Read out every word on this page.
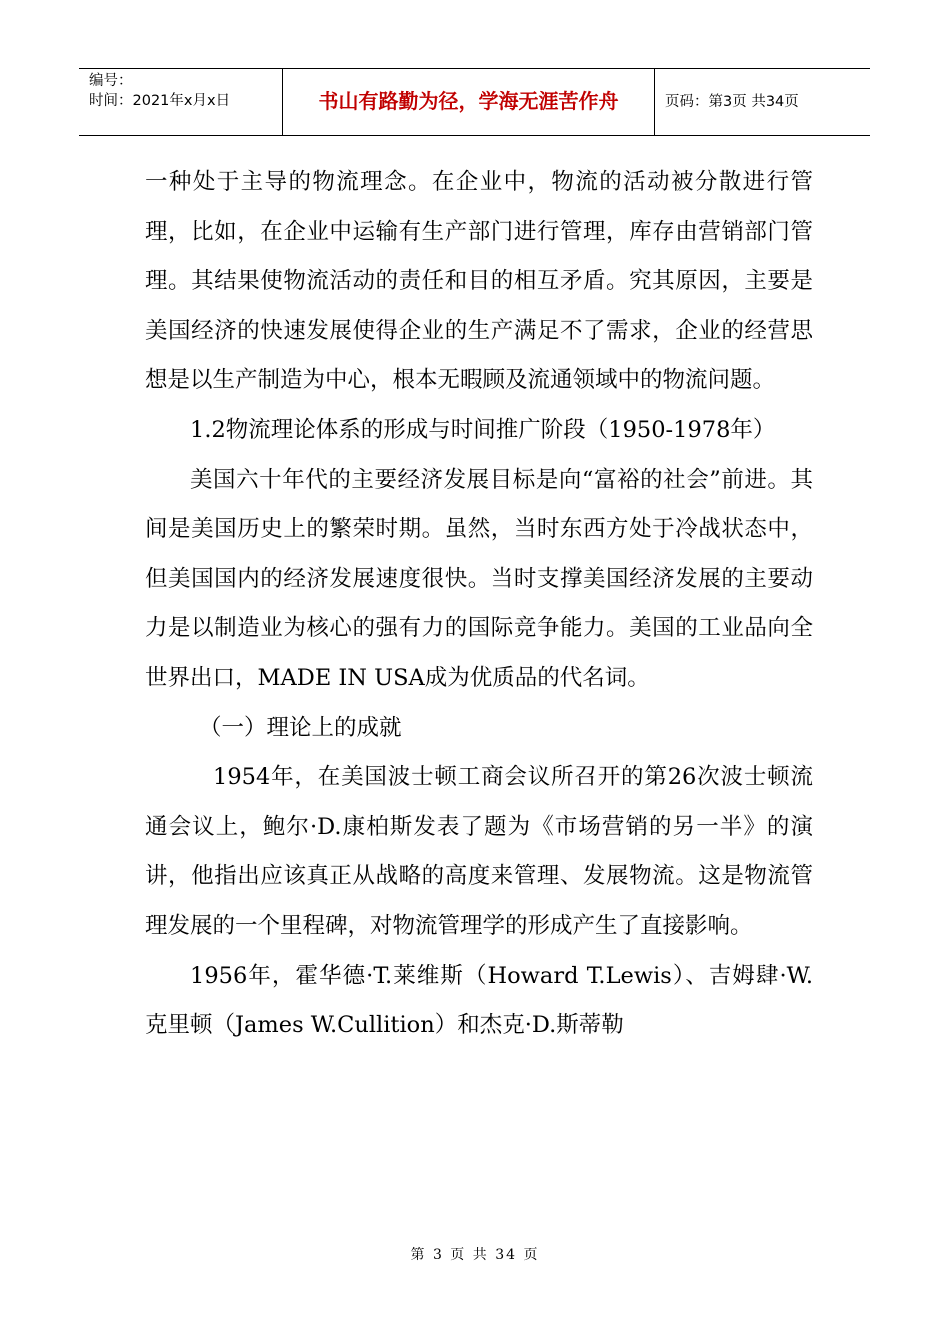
编号：
时间：2021年x月x日	书山有路勤为径，学海无涯苦作舟	页码：第3页 共34页

一种处于主导的物流理念。在企业中，物流的活动被分散进行管理，比如，在企业中运输有生产部门进行管理，库存由营销部门管理。其结果使物流活动的责任和目的相互矛盾。究其原因，主要是美国经济的快速发展使得企业的生产满足不了需求，企业的经营思想是以生产制造为中心，根本无暇顾及流通领域中的物流问题。

1.2物流理论体系的形成与时间推广阶段（1950-1978年）

美国六十年代的主要经济发展目标是向“富裕的社会”前进。其间是美国历史上的繁荣时期。虽然，当时东西方处于冷战状态中，但美国国内的经济发展速度很快。当时支撑美国经济发展的主要动力是以制造业为核心的强有力的国际竞争能力。美国的工业品向全世界出口，MADE IN USA成为优质品的代名词。

（一）理论上的成就

1954年，在美国波士顿工商会议所召开的第26次波士顿流通会议上，鲍尔·D.康柏斯发表了题为《市场营销的另一半》的演讲，他指出应该真正从战略的高度来管理、发展物流。这是物流管理发展的一个里程碑，对物流管理学的形成产生了直接影响。

1956年，霍华德·T.莱维斯（Howard T.Lewis）、吉姆肆·W.克里顿（James W.Cullition）和杰克·D.斯蒂勒

第 3 页 共 34 页
